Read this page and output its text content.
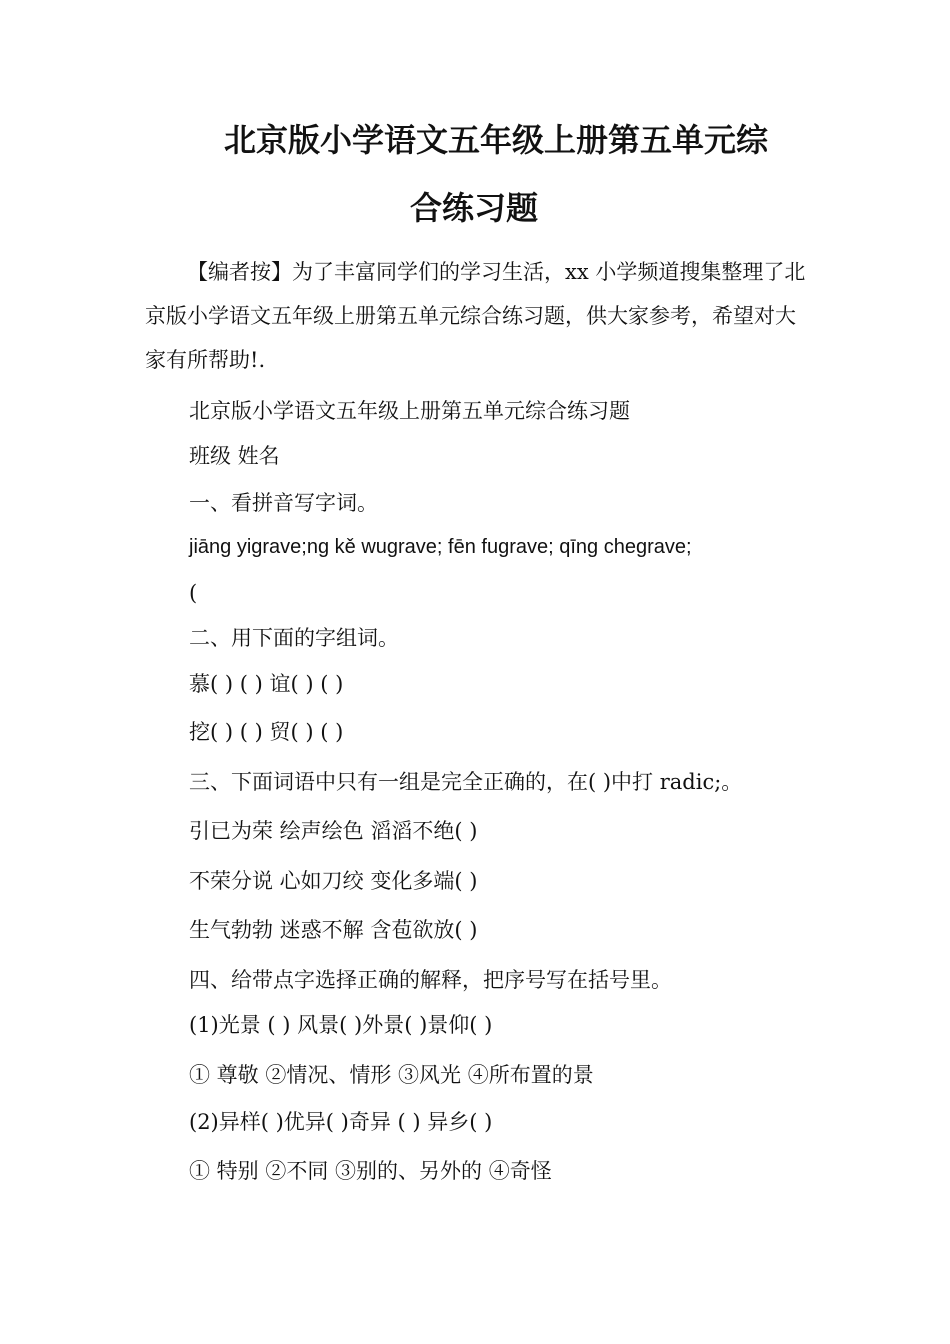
北京版小学语文五年级上册第五单元综
合练习题

【编者按】为了丰富同学们的学习生活，xx 小学频道搜集整理了北京版小学语文五年级上册第五单元综合练习题，供大家参考，希望对大家有所帮助!.

北京版小学语文五年级上册第五单元综合练习题
班级 姓名
一、看拼音写字词。
jiāng yigrave;ng kě wugrave; fēn fugrave; qīng chegrave;
(
二、用下面的字组词。
慕( ) ( ) 谊( ) ( )
挖( ) ( ) 贸( ) ( )
三、下面词语中只有一组是完全正确的，在( )中打 radic;。
引已为荣 绘声绘色 滔滔不绝( )
不荣分说 心如刀绞 变化多端( )
生气勃勃 迷惑不解 含苞欲放( )
四、给带点字选择正确的解释，把序号写在括号里。
(1)光景 ( ) 风景( )外景( )景仰( )
① 尊敬 ②情况、情形 ③风光 ④所布置的景
(2)异样( )优异( )奇异 ( ) 异乡( )
① 特别 ②不同 ③别的、另外的 ④奇怪
